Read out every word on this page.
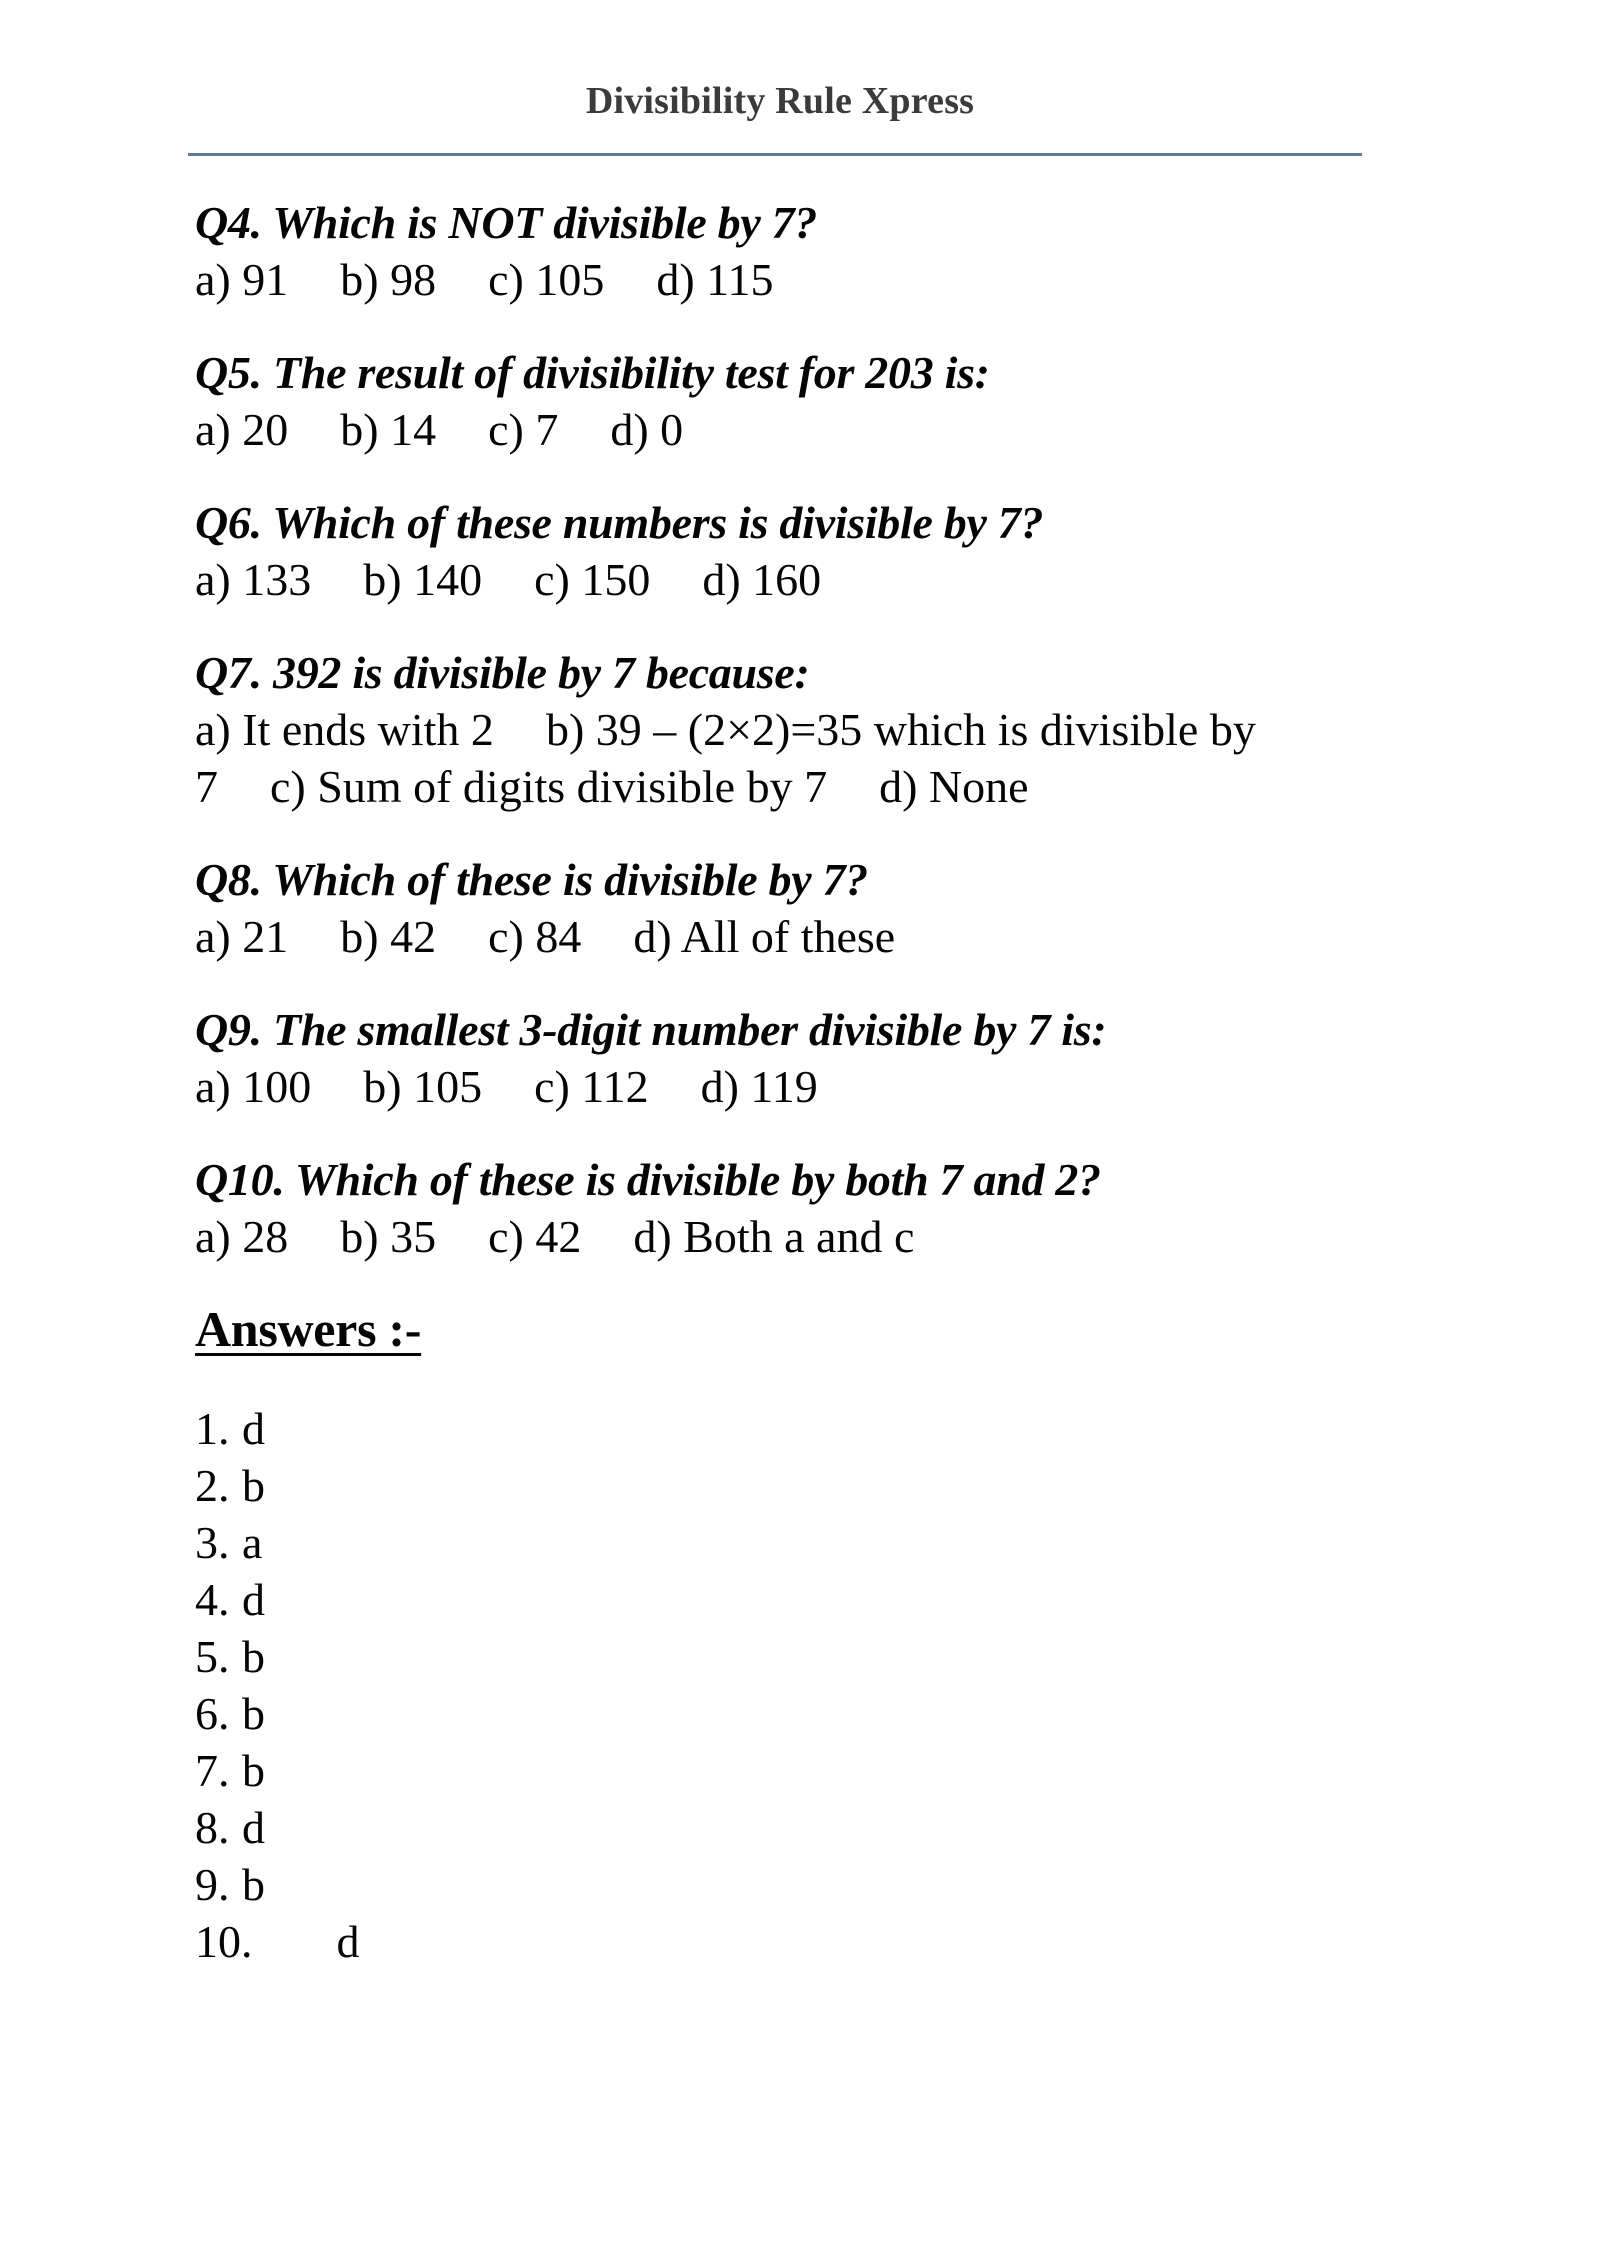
Divisibility Rule Xpress
Q4. Which is NOT divisible by 7?

a) 91 b) 98 c) 105 d) 115

Q5. The result of divisibility test for 203 is:

a) 20 b) 14 c) 7 d) 0

Q6. Which of these numbers is divisible by 7?

a) 133 b) 140 c) 150 d) 160

Q7. 392 is divisible by 7 because:

a) It ends with 2 b) 39 – (2×2)=35 which is divisible by 7 c) Sum of digits divisible by 7 d) None

Q8. Which of these is divisible by 7?

a) 21 b) 42 c) 84 d) All of these

Q9. The smallest 3-digit number divisible by 7 is:

a) 100 b) 105 c) 112 d) 119

Q10. Which of these is divisible by both 7 and 2?

a) 28 b) 35 c) 42 d) Both a and c

Answers :-
1. d
2. b
3. a
4. d
5. b
6. b
7. b
8. d
9. b
10. d
